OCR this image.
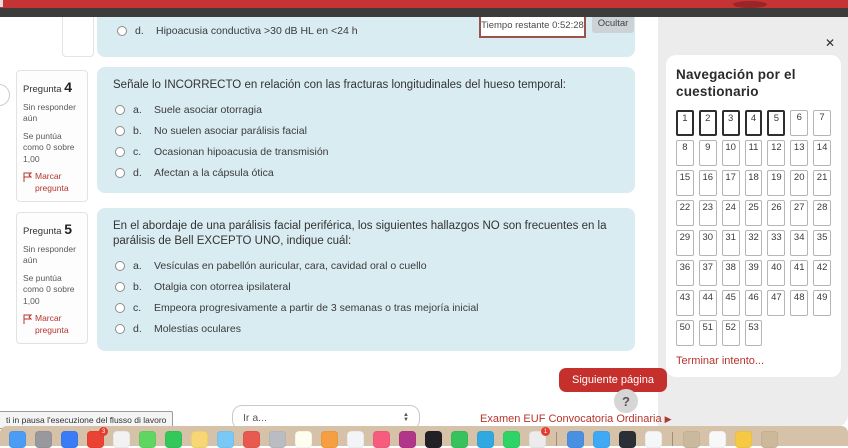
d.	Hipoacusia conductiva >30 dB HL en <24 h	Tiempo restante 0:52:28	Ocultar
Pregunta 4
Sin responder aún
Se puntúa como 0 sobre 1,00
Marcar pregunta
Señale lo INCORRECTO en relación con las fracturas longitudinales del hueso temporal:
a.	Suele asociar otorragia
b.	No suelen asociar parálisis facial
c.	Ocasionan hipoacusia de transmisión
d.	Afectan a la cápsula ótica
Pregunta 5
Sin responder aún
Se puntúa como 0 sobre 1,00
Marcar pregunta
En el abordaje de una parálisis facial periférica, los siguientes hallazgos NO son frecuentes en la parálisis de Bell EXCEPTO UNO, indique cuál:
a.	Vesículas en pabellón auricular, cara, cavidad oral o cuello
b.	Otalgia con otorrea ipsilateral
c.	Empeora progresivamente a partir de 3 semanas o tras mejoría inicial
d.	Molestias oculares
✕
Navegación por el cuestionario
1	2	3	4	5	6	7
8	9	10	11	12	13	14
15	16	17	18	19	20	21
22	23	24	25	26	27	28
29	30	31	32	33	34	35
36	37	38	39	40	41	42
43	44	45	46	47	48	49
50	51	52	53
Terminar intento...
Siguiente página
?
ti in pausa l'esecuzione del flusso di lavoro	Ir a...	▲
▼	Examen EUF Convocatoria Ordinaria ▶
3	1
